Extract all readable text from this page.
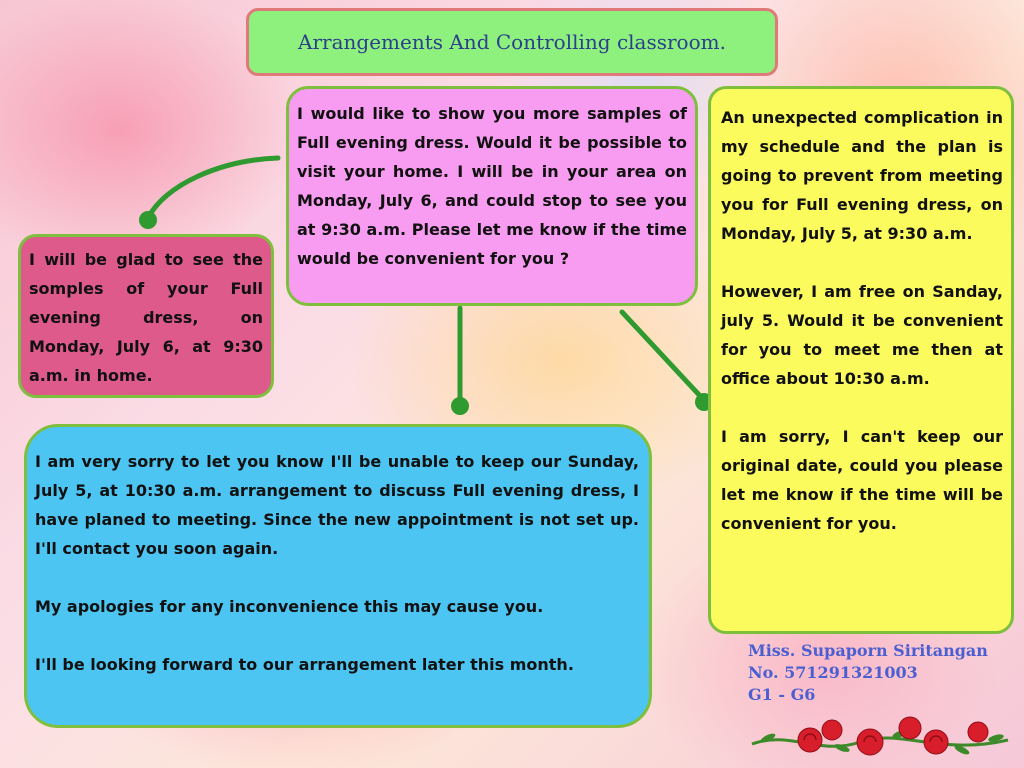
Arrangements And Controlling classroom.

I would like to show you more samples of Full evening dress. Would it be possible to visit your home. I will be in your area on Monday, July 6, and could stop to see you at 9:30 a.m. Please let me know if the time would be convenient for you ?

I will be glad to see the somples of your Full evening dress, on Monday, July 6, at 9:30 a.m. in home.

An unexpected complication in my schedule and the plan is going to prevent from meeting you for Full evening dress, on Monday, July 5, at 9:30 a.m.

However, I am free on Sanday, july 5. Would it be convenient for you to meet me then at office about 10:30 a.m.

I am sorry, I can't keep our original date, could you please let me know if the time will be convenient for you.

I am very sorry to let you know I'll be unable to keep our Sunday, July 5, at 10:30 a.m. arrangement to discuss Full evening dress, I have planed to meeting. Since the new appointment is not set up. I'll contact you soon again.

My apologies for any inconvenience this may cause you.

I'll be looking forward to our arrangement later this month.

Miss. Supaporn Siritangan
No. 571291321003
G1 - G6
